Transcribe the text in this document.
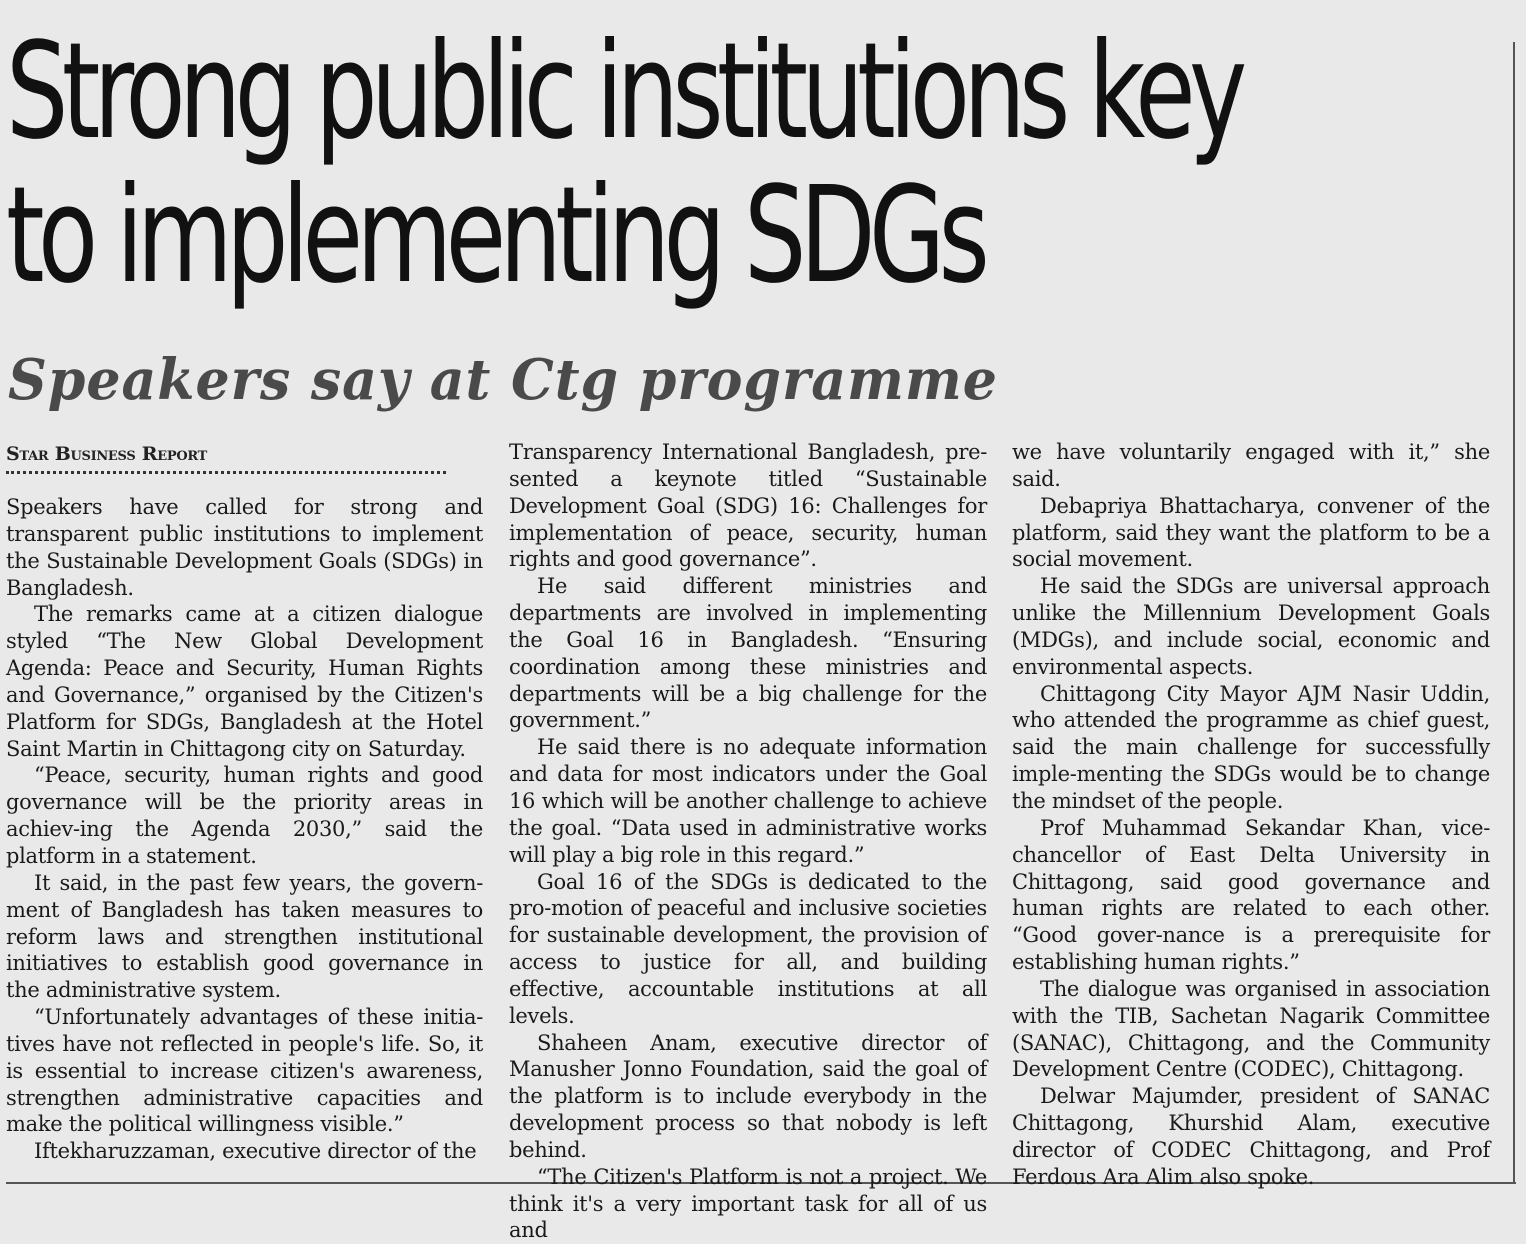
Strong public institutions key
to implementing SDGs
Speakers say at Ctg programme
Star Business Report

Speakers have called for strong and transparent public institutions to implement the Sustainable Development Goals (SDGs) in Bangladesh.

The remarks came at a citizen dialogue styled “The New Global Development Agenda: Peace and Security, Human Rights and Governance,” organised by the Citizen's Platform for SDGs, Bangladesh at the Hotel Saint Martin in Chittagong city on Saturday.

“Peace, security, human rights and good governance will be the priority areas in achiev-ing the Agenda 2030,” said the platform in a statement.

It said, in the past few years, the govern-ment of Bangladesh has taken measures to reform laws and strengthen institutional initiatives to establish good governance in the administrative system.

“Unfortunately advantages of these initia-tives have not reflected in people's life. So, it is essential to increase citizen's awareness, strengthen administrative capacities and make the political willingness visible.”

Iftekharuzzaman, executive director of the

Transparency International Bangladesh, pre-sented a keynote titled “Sustainable Development Goal (SDG) 16: Challenges for implementation of peace, security, human rights and good governance”.

He said different ministries and departments are involved in implementing the Goal 16 in Bangladesh. “Ensuring coordination among these ministries and departments will be a big challenge for the government.”

He said there is no adequate information and data for most indicators under the Goal 16 which will be another challenge to achieve the goal. “Data used in administrative works will play a big role in this regard.”

Goal 16 of the SDGs is dedicated to the pro-motion of peaceful and inclusive societies for sustainable development, the provision of access to justice for all, and building effective, accountable institutions at all levels.

Shaheen Anam, executive director of Manusher Jonno Foundation, said the goal of the platform is to include everybody in the development process so that nobody is left behind.

“The Citizen's Platform is not a project. We think it's a very important task for all of us and

we have voluntarily engaged with it,” she said.

Debapriya Bhattacharya, convener of the platform, said they want the platform to be a social movement.

He said the SDGs are universal approach unlike the Millennium Development Goals (MDGs), and include social, economic and environmental aspects.

Chittagong City Mayor AJM Nasir Uddin, who attended the programme as chief guest, said the main challenge for successfully imple-menting the SDGs would be to change the mindset of the people.

Prof Muhammad Sekandar Khan, vice-chancellor of East Delta University in Chittagong, said good governance and human rights are related to each other. “Good gover-nance is a prerequisite for establishing human rights.”

The dialogue was organised in association with the TIB, Sachetan Nagarik Committee (SANAC), Chittagong, and the Community Development Centre (CODEC), Chittagong.

Delwar Majumder, president of SANAC Chittagong, Khurshid Alam, executive director of CODEC Chittagong, and Prof Ferdous Ara Alim also spoke.
